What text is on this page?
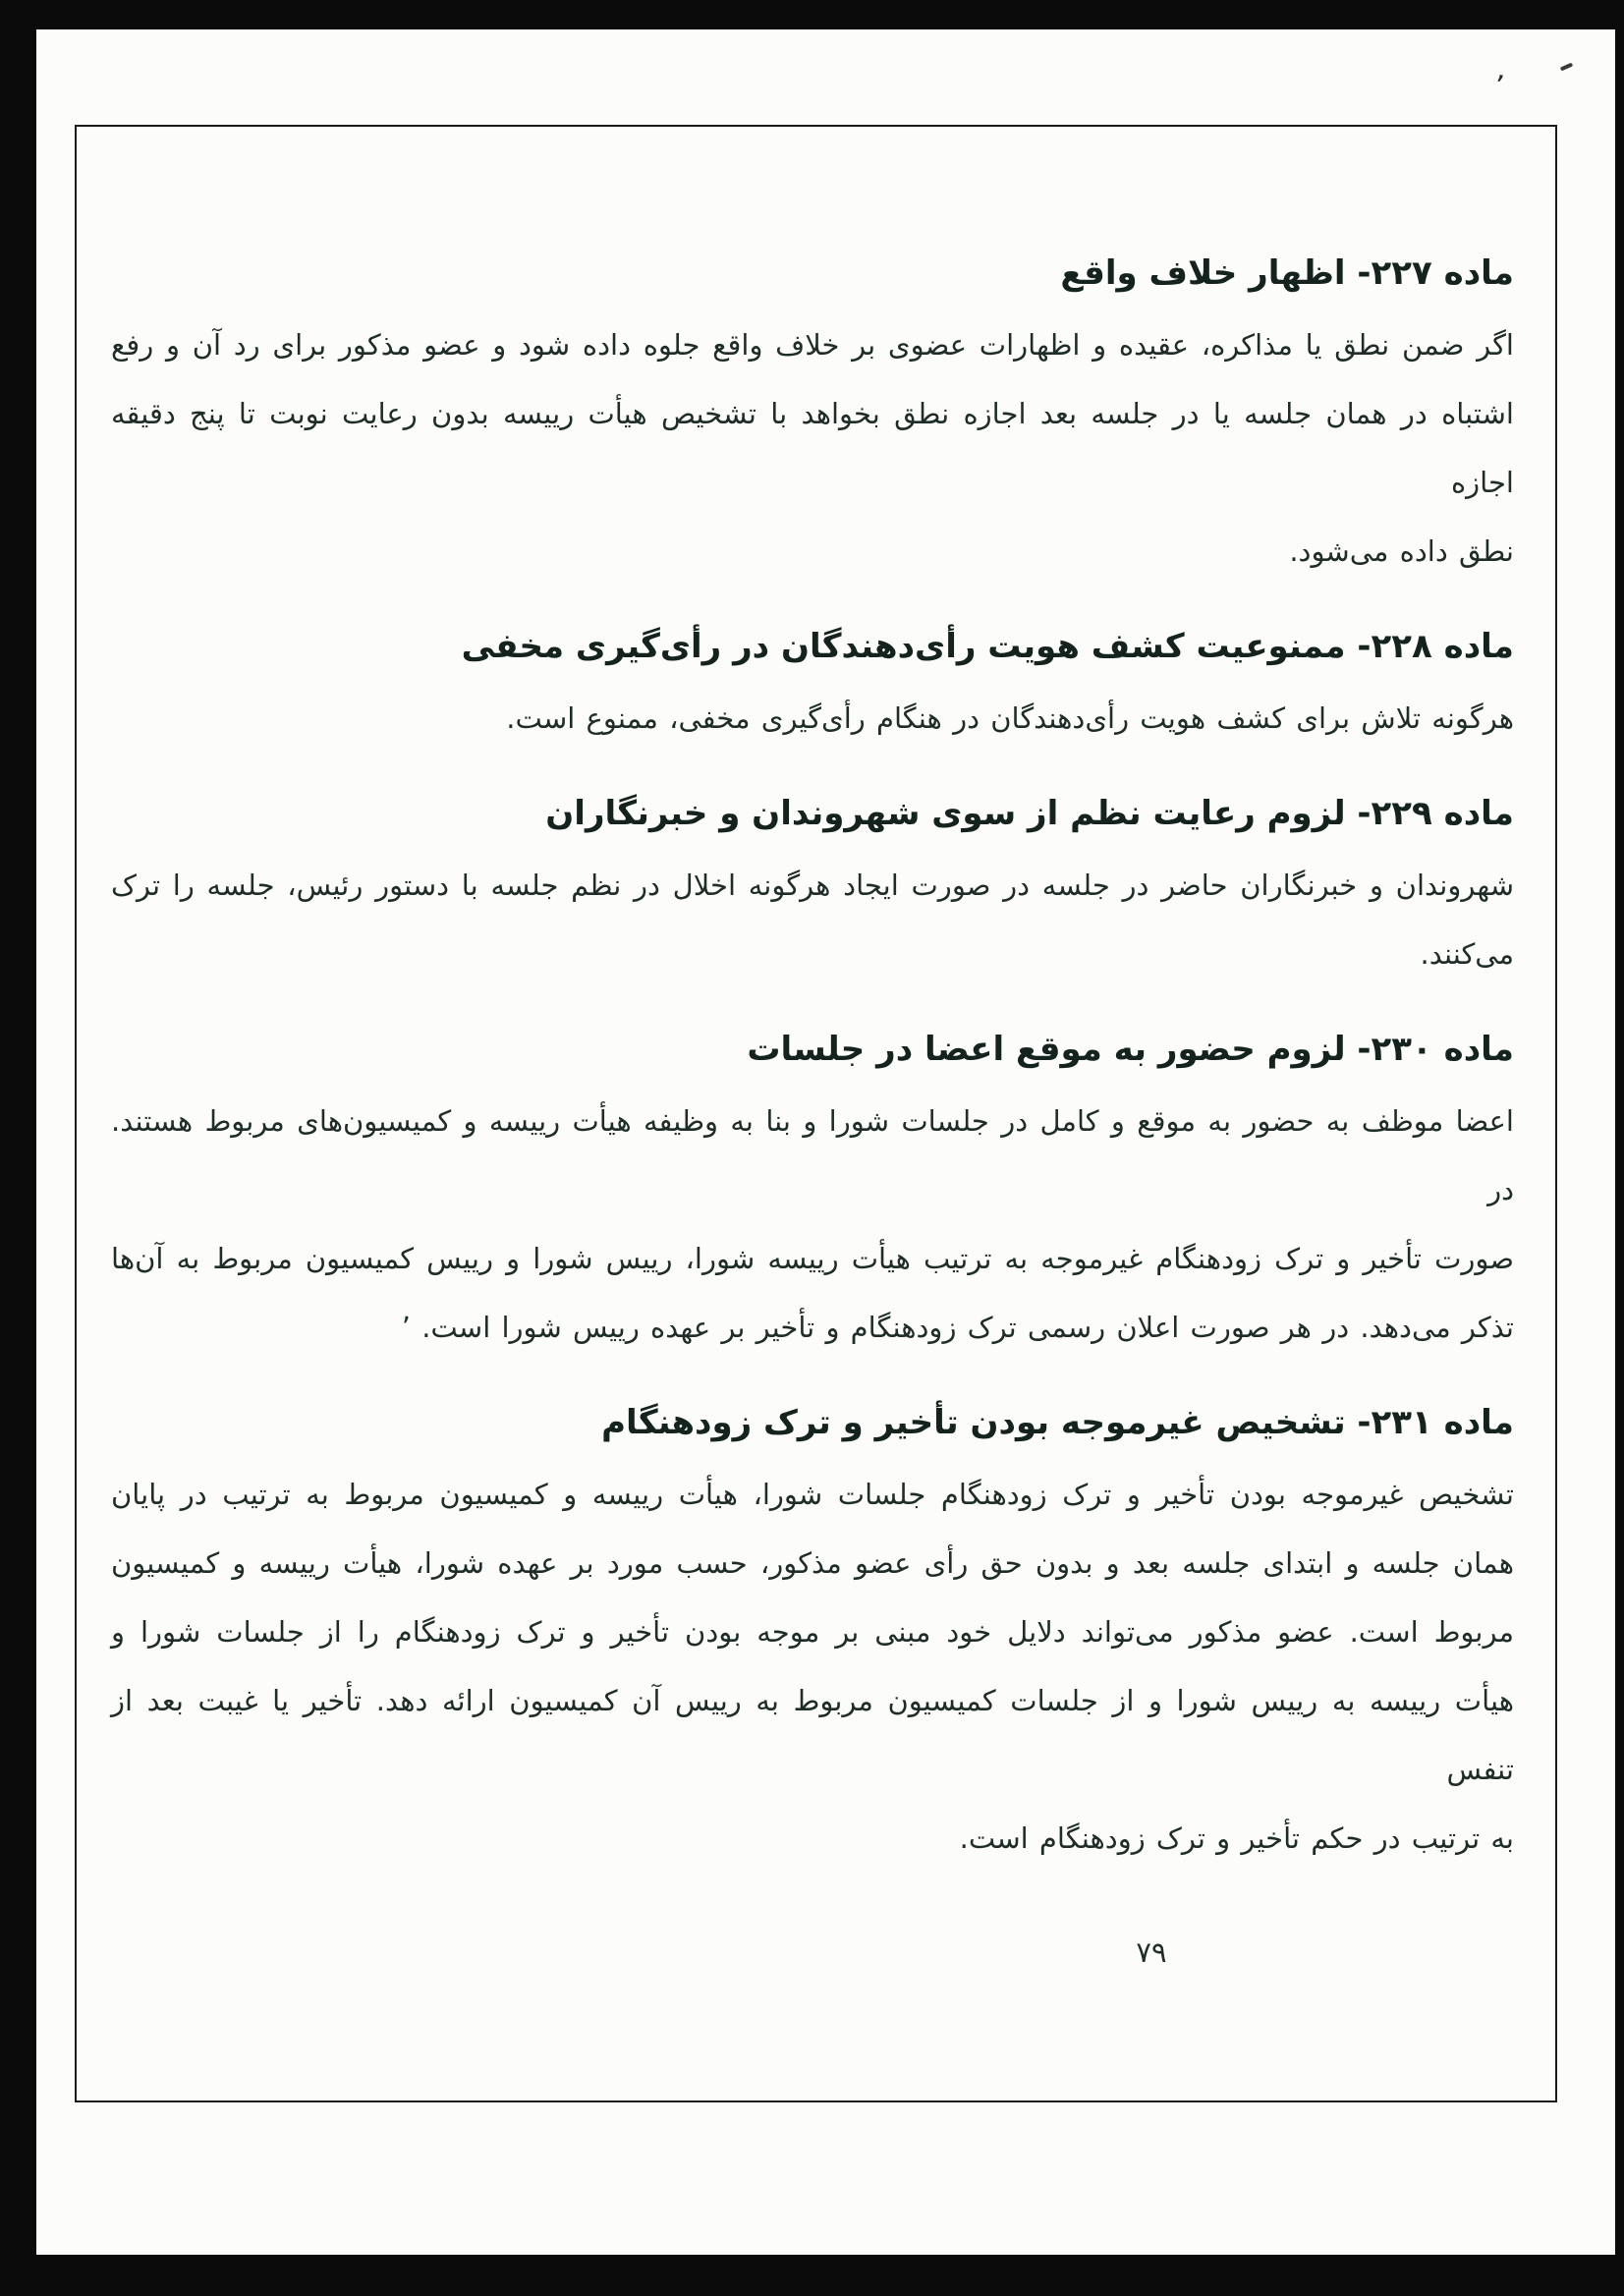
ʼ
ماده ۲۲۷- اظهار خلاف واقع

اگر ضمن نطق یا مذاکره، عقیده و اظهارات عضوی بر خلاف واقع جلوه داده شود و عضو مذکور برای رد آن و رفع

اشتباه در همان جلسه یا در جلسه بعد اجازه نطق بخواهد با تشخیص هیأت رییسه بدون رعایت نوبت تا پنج دقیقه اجازه

نطق داده می‌شود.

ماده ۲۲۸- ممنوعیت کشف هویت رأی‌دهندگان در رأی‌گیری مخفی

هرگونه تلاش برای کشف هویت رأی‌دهندگان در هنگام رأی‌گیری مخفی، ممنوع است.

ماده ۲۲۹- لزوم رعایت نظم از سوی شهروندان و خبرنگاران

شهروندان و خبرنگاران حاضر در جلسه در صورت ایجاد هرگونه اخلال در نظم جلسه با دستور رئیس، جلسه را ترک

می‌کنند.

ماده ۲۳۰- لزوم حضور به موقع اعضا در جلسات

اعضا موظف به حضور به موقع و کامل در جلسات شورا و بنا به وظیفه هیأت رییسه و کمیسیون‌های مربوط هستند. در

صورت تأخیر و ترک زودهنگام غیرموجه به ترتیب هیأت رییسه شورا، رییس شورا و رییس کمیسیون مربوط به آن‌ها

تذکر می‌دهد. در هر صورت اعلان رسمی ترک زودهنگام و تأخیر بر عهده رییس شورا است. ʼ

ماده ۲۳۱- تشخیص غیرموجه بودن تأخیر و ترک زودهنگام

تشخیص غیرموجه بودن تأخیر و ترک زودهنگام جلسات شورا، هیأت رییسه و کمیسیون مربوط به ترتیب در پایان

همان جلسه و ابتدای جلسه بعد و بدون حق رأی عضو مذکور، حسب مورد بر عهده شورا، هیأت رییسه و کمیسیون

مربوط است. عضو مذکور می‌تواند دلایل خود مبنی بر موجه بودن تأخیر و ترک زودهنگام را از جلسات شورا و

هیأت رییسه به رییس شورا و از جلسات کمیسیون مربوط به رییس آن کمیسیون ارائه دهد. تأخیر یا غیبت بعد از تنفس

به ترتیب در حکم تأخیر و ترک زودهنگام است.

۷۹
